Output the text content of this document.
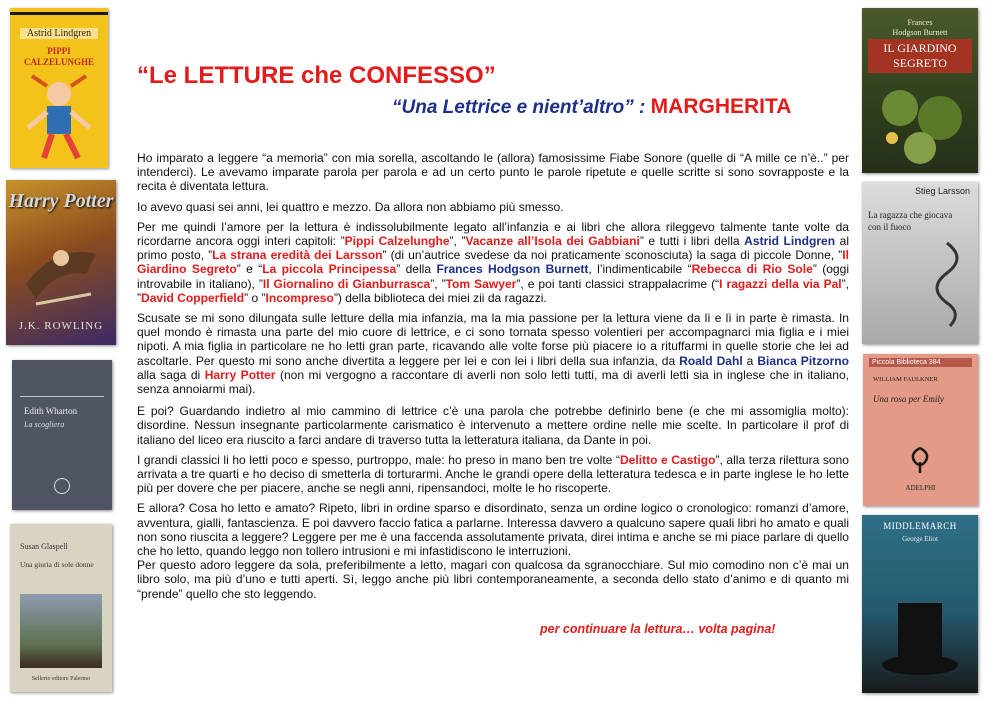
Astrid Lindgren
PIPPI
CALZELUNGHE
Harry Potter
J.K. ROWLING
Edith Wharton
La scogliera
Susan Glaspell
Una giuria di sole donne
Sellerio editore Palermo
Frances
Hodgson Burnett
IL GIARDINO
SEGRETO
Stieg Larsson
La ragazza che giocava
con il fuoco
Piccola Biblioteca 384
WILLIAM FAULKNER
Una rosa per Emily
ADELPHI
MIDDLEMARCH
George Eliot
“Le LETTURE che CONFESSO”
“Una Lettrice e nient’altro” : MARGHERITA

Ho imparato a leggere “a memoria” con mia sorella, ascoltando le (allora) famosissime Fiabe Sonore (quelle di “A mille ce n’è..” per intenderci). Le avevamo imparate parola per parola e ad un certo punto le parole ripetute e quelle scritte si sono sovrapposte e la recita è diventata lettura.

Io avevo quasi sei anni, lei quattro e mezzo. Da allora non abbiamo più smesso.

Per me quindi l’amore per la lettura è indissolubilmente legato all’infanzia e ai libri che allora rileggevo talmente tante volte da ricordarne ancora oggi interi capitoli: ”Pippi Calzelunghe”, ”Vacanze all’Isola dei Gabbiani” e tutti i libri della Astrid Lindgren al primo posto, ”La strana eredità dei Larsson” (di un’autrice svedese da noi praticamente sconosciuta) la saga di piccole Donne, ”Il Giardino Segreto” e “La piccola Principessa” della Frances Hodgson Burnett, l’indimenticabile “Rebecca di Rio Sole” (oggi introvabile in italiano), ”Il Giornalino di Gianburrasca”, ”Tom Sawyer”, e poi tanti classici strappalacrime (“I ragazzi della via Pal”, ”David Copperfield” o ”Incompreso”) della biblioteca dei miei zii da ragazzi.

Scusate se mi sono dilungata sulle letture della mia infanzia, ma la mia passione per la lettura viene da lì e lì in parte è rimasta. In quel mondo è rimasta una parte del mio cuore di lettrice, e ci sono tornata spesso volentieri per accompagnarci mia figlia e i miei nipoti. A mia figlia in particolare ne ho letti gran parte, ricavando alle volte forse più piacere io a rituffarmi in quelle storie che lei ad ascoltarle. Per questo mi sono anche divertita a leggere per lei e con lei i libri della sua infanzia, da Roald Dahl a Bianca Pitzorno alla saga di Harry Potter (non mi vergogno a raccontare di averli non solo letti tutti, ma di averli letti sia in inglese che in italiano, senza annoiarmi mai).

E poi? Guardando indietro al mio cammino di lettrice c’è una parola che potrebbe definirlo bene (e che mi assomiglia molto): disordine. Nessun insegnante particolarmente carismatico è intervenuto a mettere ordine nelle mie scelte. In particolare il prof di italiano del liceo era riuscito a farci andare di traverso tutta la letteratura italiana, da Dante in poi.

I grandi classici li ho letti poco e spesso, purtroppo, male: ho preso in mano ben tre volte “Delitto e Castigo”, alla terza rilettura sono arrivata a tre quarti e ho deciso di smetterla di torturarmi. Anche le grandi opere della letteratura tedesca e in parte inglese le ho lette più per dovere che per piacere, anche se negli anni, ripensandoci, molte le ho riscoperte.

E allora? Cosa ho letto e amato? Ripeto, libri in ordine sparso e disordinato, senza un ordine logico o cronologico: romanzi d’amore, avventura, gialli, fantascienza. E poi davvero faccio fatica a parlarne. Interessa davvero a qualcuno sapere quali libri ho amato e quali non sono riuscita a leggere? Leggere per me è una faccenda assolutamente privata, direi intima e anche se mi piace parlare di quello che ho letto, quando leggo non tollero intrusioni e mi infastidiscono le interruzioni.

Per questo adoro leggere da sola, preferibilmente a letto, magari con qualcosa da sgranocchiare. Sul mio comodino non c’è mai un libro solo, ma più d’uno e tutti aperti. Sì, leggo anche più libri contemporaneamente, a seconda dello stato d’animo e di quanto mi “prende” quello che sto leggendo.

per continuare la lettura… volta pagina!
